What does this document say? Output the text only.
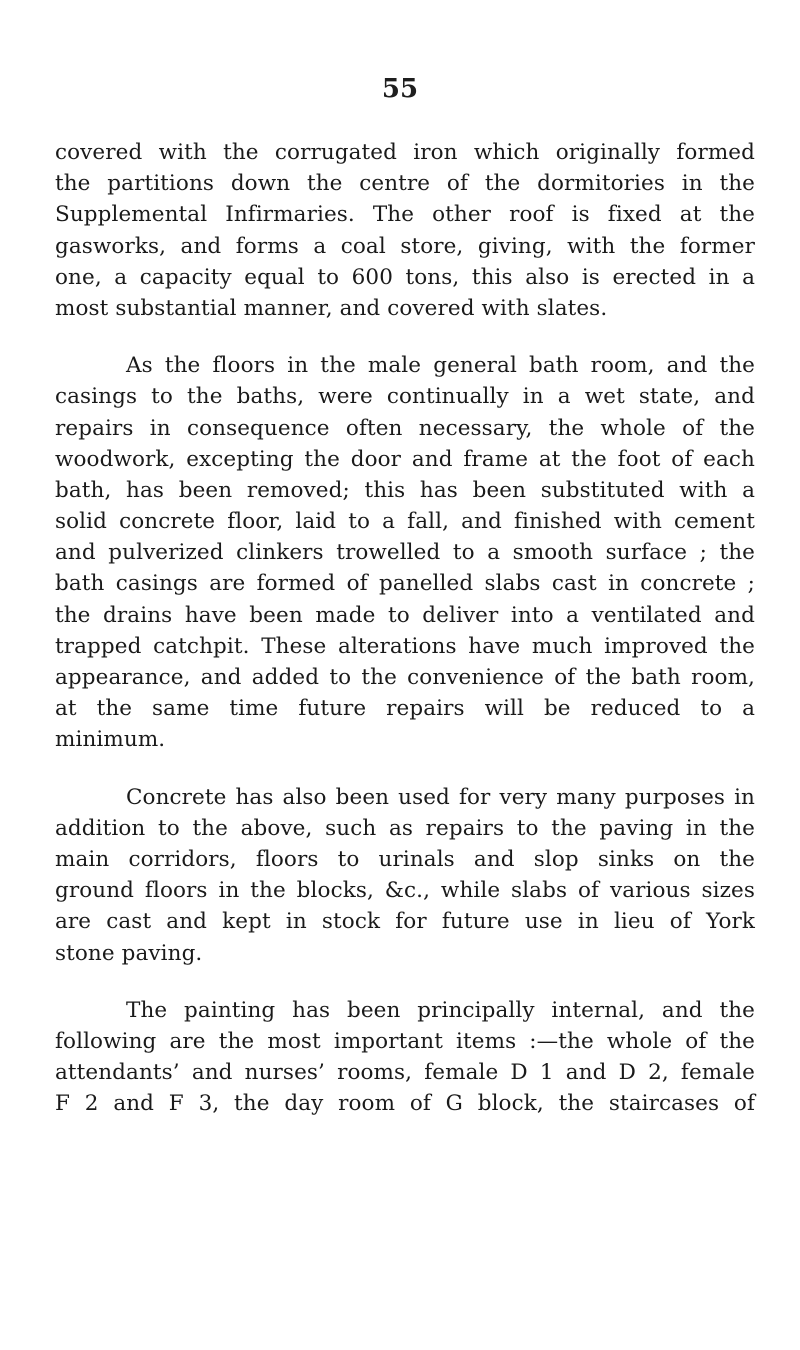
55
covered with the corrugated iron which originally formed
the partitions down the centre of the dormitories in the
Supplemental Infirmaries. The other roof is fixed at the
gasworks, and forms a coal store, giving, with the former
one, a capacity equal to 600 tons, this also is erected in a
most substantial manner, and covered with slates.
As the floors in the male general bath room, and the
casings to the baths, were continually in a wet state, and
repairs in consequence often necessary, the whole of the
woodwork, excepting the door and frame at the foot of each
bath, has been removed; this has been substituted with a
solid concrete floor, laid to a fall, and finished with cement
and pulverized clinkers trowelled to a smooth surface ; the
bath casings are formed of panelled slabs cast in concrete ;
the drains have been made to deliver into a ventilated and
trapped catchpit. These alterations have much improved the
appearance, and added to the convenience of the bath room,
at the same time future repairs will be reduced to a
minimum.
Concrete has also been used for very many purposes in
addition to the above, such as repairs to the paving in the
main corridors, floors to urinals and slop sinks on the
ground floors in the blocks, &c., while slabs of various sizes
are cast and kept in stock for future use in lieu of York
stone paving.
The painting has been principally internal, and the
following are the most important items :—the whole of the
attendants’ and nurses’ rooms, female D 1 and D 2, female
F 2 and F 3, the day room of G block, the staircases of
